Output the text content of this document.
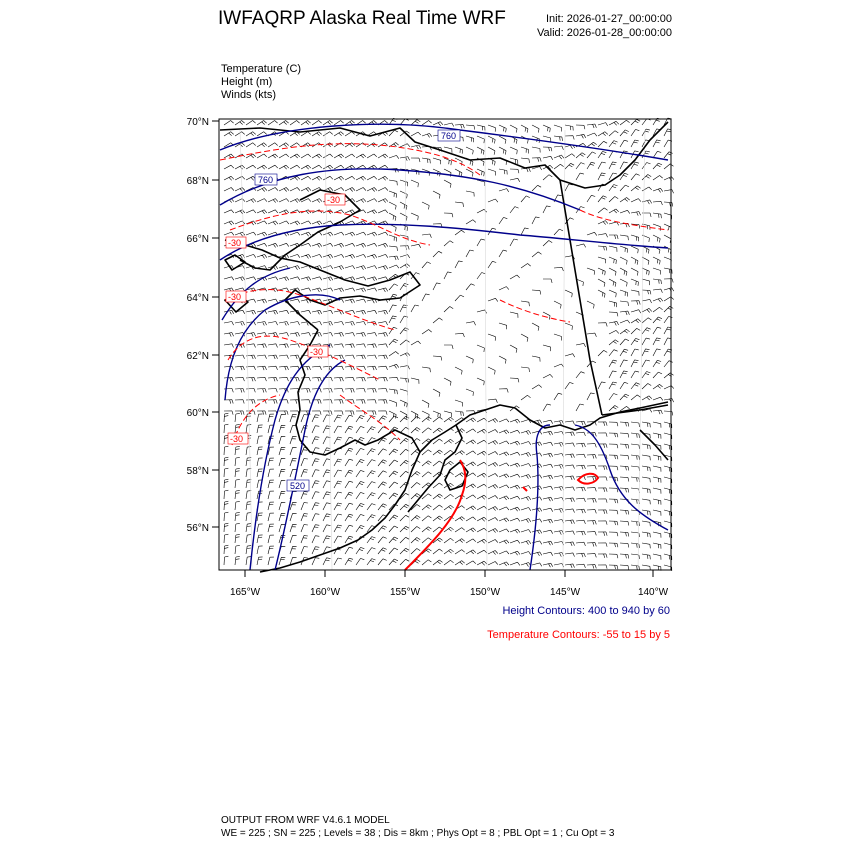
IWFAQRP Alaska Real Time WRF	Init: 2026-01-27_00:00:00
Valid: 2026-01-28_00:00:00
Temperature (C)
Height (m)
Winds (kts)
760
760
520
-30
-30
-30
-30
-30
70°N
68°N
66°N
64°N
62°N
60°N
58°N
56°N
165°W	160°W	155°W	150°W	145°W	140°W
Height Contours: 400 to 940 by 60
Temperature Contours: -55 to 15 by 5
OUTPUT FROM WRF V4.6.1 MODEL
WE = 225 ; SN = 225 ; Levels = 38 ; Dis = 8km ; Phys Opt = 8 ; PBL Opt = 1 ; Cu Opt = 3
